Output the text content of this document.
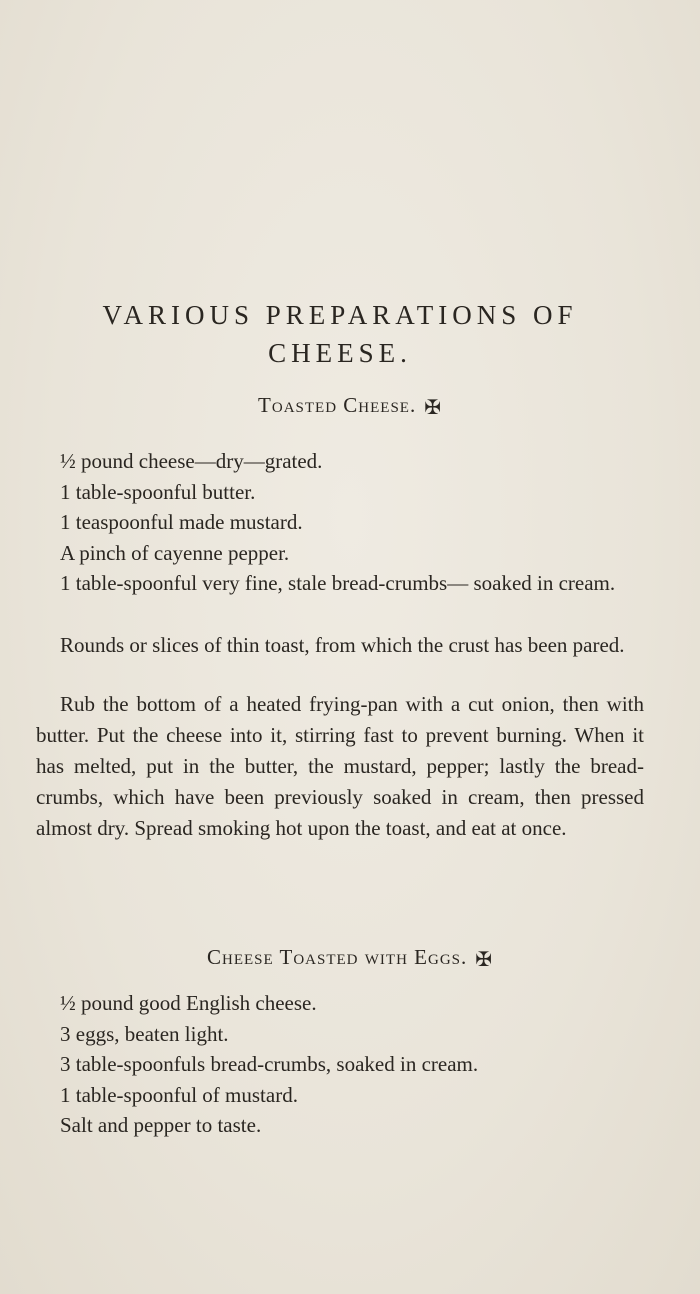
VARIOUS PREPARATIONS OF CHEESE.
Toasted Cheese. ✠
½ pound cheese—dry—grated.
1 table-spoonful butter.
1 teaspoonful made mustard.
A pinch of cayenne pepper.
1 table-spoonful very fine, stale bread-crumbs— soaked in cream.

Rounds or slices of thin toast, from which the crust has been pared.

Rub the bottom of a heated frying-pan with a cut onion, then with butter. Put the cheese into it, stirring fast to prevent burning. When it has melted, put in the butter, the mustard, pepper; lastly the bread-crumbs, which have been previously soaked in cream, then pressed almost dry. Spread smoking hot upon the toast, and eat at once.

Cheese Toasted with Eggs. ✠
½ pound good English cheese.
3 eggs, beaten light.
3 table-spoonfuls bread-crumbs, soaked in cream.
1 table-spoonful of mustard.
Salt and pepper to taste.
